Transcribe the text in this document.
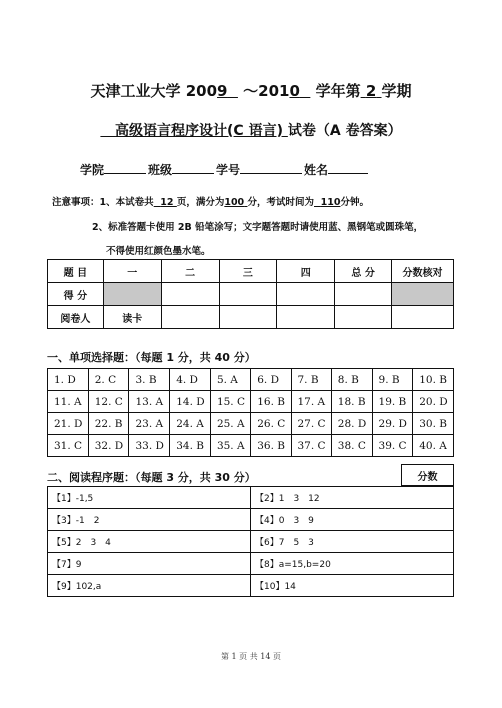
天津工业大学 2009   ～2010   学年第 2 学期
高级语言程序设计(C 语言) 试卷（A 卷答案）
学院	班级	学号	姓名
注意事项：1、本试卷共 12 页，满分为100 分，考试时间为 110分钟。
2、标准答题卡使用 2B 铅笔涂写；文字题答题时请使用蓝、黑钢笔或圆珠笔，
不得使用红颜色墨水笔。
题 目	一	二	三	四	总 分	分数核对
得 分						
阅卷人	读卡					
一、单项选择题：（每题 1 分，共 40 分）
1. D	2. C	3. B	4. D	5. A	6. D	7. B	8. B	9. B	10. B
11. A	12. C	13. A	14. D	15. C	16. B	17. A	18. B	19. B	20. D
21. D	22. B	23. A	24. A	25. A	26. C	27. C	28. D	29. D	30. B
31. C	32. D	33. D	34. B	35. A	36. B	37. C	38. C	39. C	40. A
二、阅读程序题：（每题 3 分，共 30 分）	分数
【1】-1,5	【2】1　3　12
【3】-1　2	【4】0　3　9
【5】2　3　4	【6】7　5　3
【7】9	【8】a=15,b=20
【9】102,a	【10】14
第 1 页 共 14 页
